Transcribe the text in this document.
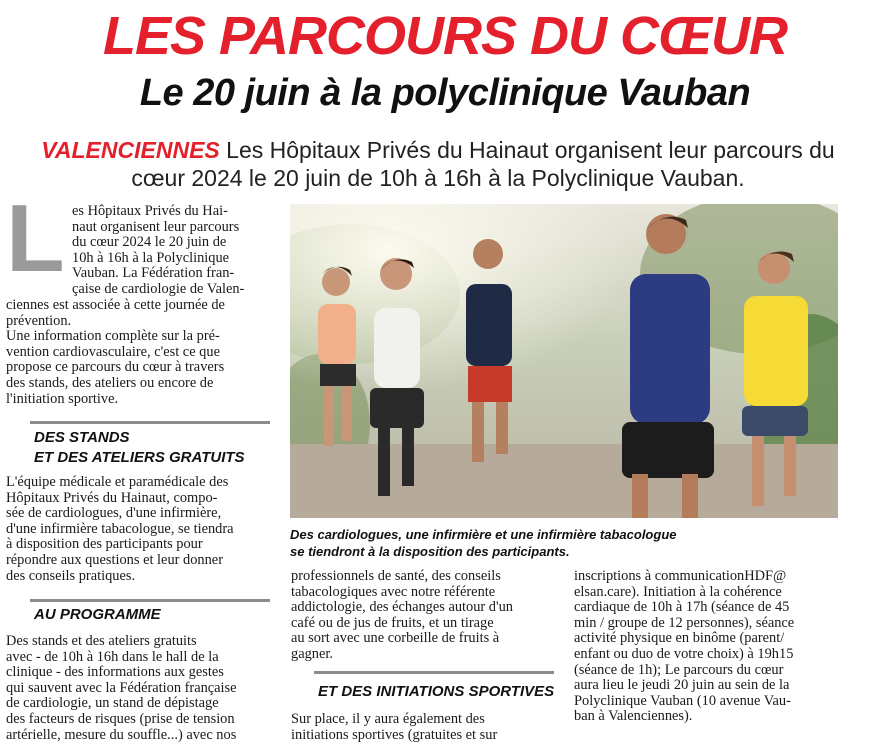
LES PARCOURS DU CŒUR
Le 20 juin à la polyclinique Vauban
VALENCIENNES Les Hôpitaux Privés du Hainaut organisent leur parcours du cœur 2024 le 20 juin de 10h à 16h à la Polyclinique Vauban.
L es Hôpitaux Privés du Hai-
naut organisent leur parcours
du cœur 2024 le 20 juin de
10h à 16h à la Polyclinique
Vauban. La Fédération fran-
çaise de cardiologie de Valen-
ciennes est associée à cette journée de
prévention.
Une information complète sur la pré-
vention cardiovasculaire, c'est ce que
propose ce parcours du cœur à travers
des stands, des ateliers ou encore de
l'initiation sportive.
DES STANDS
ET DES ATELIERS GRATUITS
L'équipe médicale et paramédicale des
Hôpitaux Privés du Hainaut, compo-
sée de cardiologues, d'une infirmière,
d'une infirmière tabacologue, se tiendra
à disposition des participants pour
répondre aux questions et leur donner
des conseils pratiques.
AU PROGRAMME
Des stands et des ateliers gratuits
avec - de 10h à 16h dans le hall de la
clinique - des informations aux gestes
qui sauvent avec la Fédération française
de cardiologie, un stand de dépistage
des facteurs de risques (prise de tension
artérielle, mesure du souffle...) avec nos
Des cardiologues, une infirmière et une infirmière tabacologue
se tiendront à la disposition des participants.
professionnels de santé, des conseils
tabacologiques avec notre référente
addictologie, des échanges autour d'un
café ou de jus de fruits, et un tirage
au sort avec une corbeille de fruits à
gagner.
ET DES INITIATIONS SPORTIVES
Sur place, il y aura également des
initiations sportives (gratuites et sur
inscriptions à communicationHDF@
elsan.care). Initiation à la cohérence
cardiaque de 10h à 17h (séance de 45
min / groupe de 12 personnes), séance
activité physique en binôme (parent/
enfant ou duo de votre choix) à 19h15
(séance de 1h); Le parcours du cœur
aura lieu le jeudi 20 juin au sein de la
Polyclinique Vauban (10 avenue Vau-
ban à Valenciennes).
